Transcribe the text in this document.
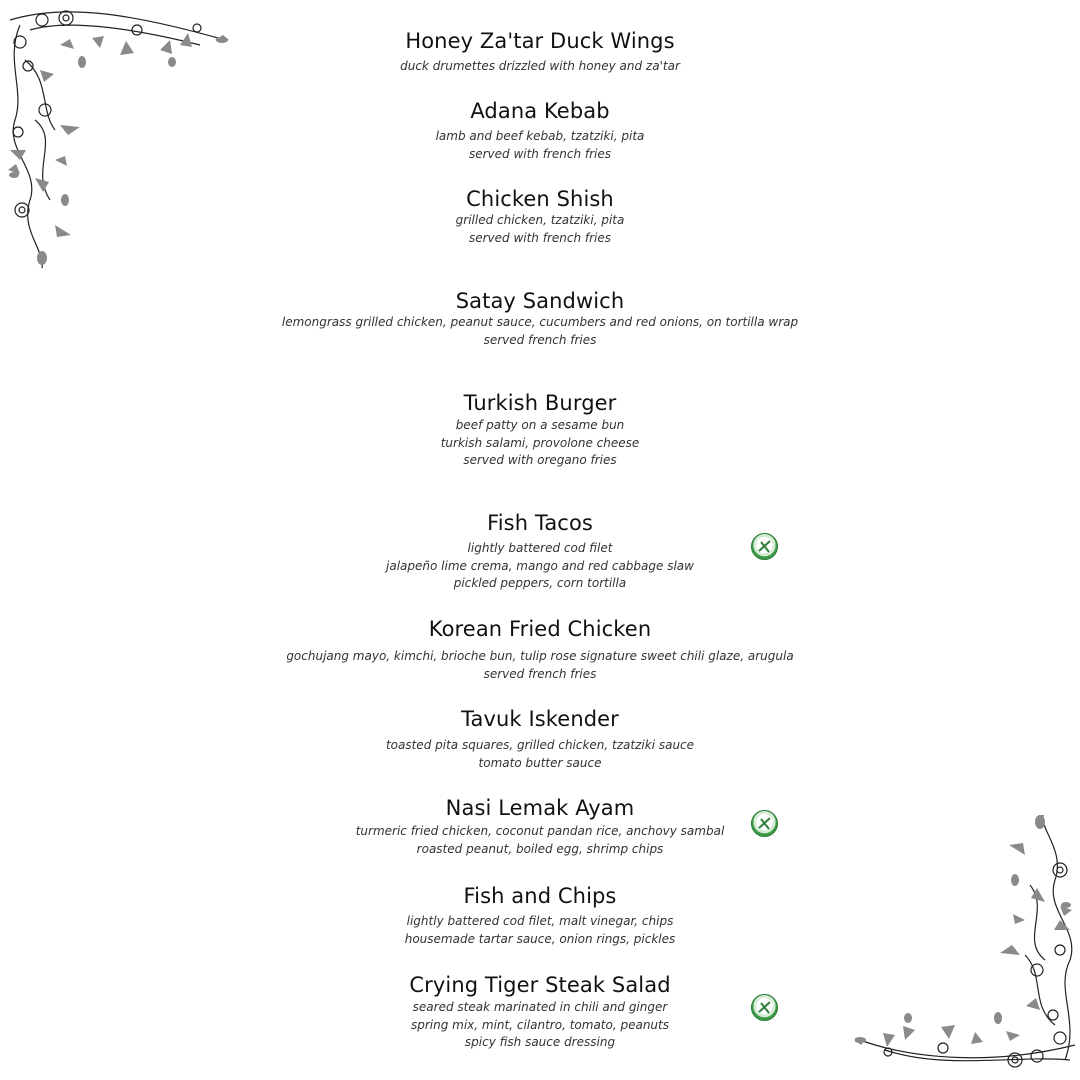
Honey Za'tar Duck Wings
duck drumettes drizzled with honey and za'tar
Adana Kebab
lamb and beef kebab, tzatziki, pita
served with french fries
Chicken Shish
grilled chicken, tzatziki, pita
served with french fries
Satay Sandwich
lemongrass grilled chicken, peanut sauce, cucumbers and red onions, on tortilla wrap
served french fries
Turkish Burger
beef patty on a sesame bun
turkish salami, provolone cheese
served with oregano fries
Fish Tacos
lightly battered cod filet
jalapeño lime crema, mango and red cabbage slaw
pickled peppers, corn tortilla
Korean Fried Chicken
gochujang mayo, kimchi, brioche bun, tulip rose signature sweet chili glaze, arugula
served french fries
Tavuk Iskender
toasted pita squares, grilled chicken, tzatziki sauce
tomato butter sauce
Nasi Lemak Ayam
turmeric fried chicken, coconut pandan rice, anchovy sambal
roasted peanut, boiled egg, shrimp chips
Fish and Chips
lightly battered cod filet, malt vinegar, chips
housemade tartar sauce, onion rings, pickles
Crying Tiger Steak Salad
seared steak marinated in chili and ginger
spring mix, mint, cilantro, tomato, peanuts
spicy fish sauce dressing
